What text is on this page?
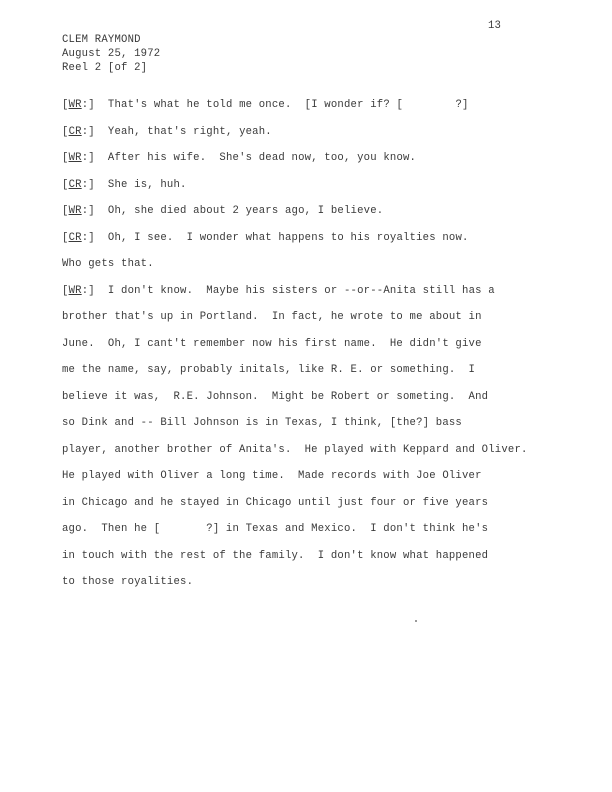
13
CLEM RAYMOND
August 25, 1972
Reel 2 [of 2]
[WR:]  That's what he told me once.  [I wonder if? [        ?]
[CR:]  Yeah, that's right, yeah.
[WR:]  After his wife.  She's dead now, too, you know.
[CR:]  She is, huh.
[WR:]  Oh, she died about 2 years ago, I believe.
[CR:]  Oh, I see.  I wonder what happens to his royalties now.
Who gets that.
[WR:]  I don't know.  Maybe his sisters or --or--Anita still has a
brother that's up in Portland.  In fact, he wrote to me about in
June.  Oh, I cant't remember now his first name.  He didn't give
me the name, say, probably initals, like R. E. or something.  I
believe it was,  R.E. Johnson.  Might be Robert or someting.  And
so Dink and -- Bill Johnson is in Texas, I think, [the?] bass
player, another brother of Anita's.  He played with Keppard and Oliver.
He played with Oliver a long time.  Made records with Joe Oliver
in Chicago and he stayed in Chicago until just four or five years
ago.  Then he [       ?] in Texas and Mexico.  I don't think he's
in touch with the rest of the family.  I don't know what happened
to those royalities.
